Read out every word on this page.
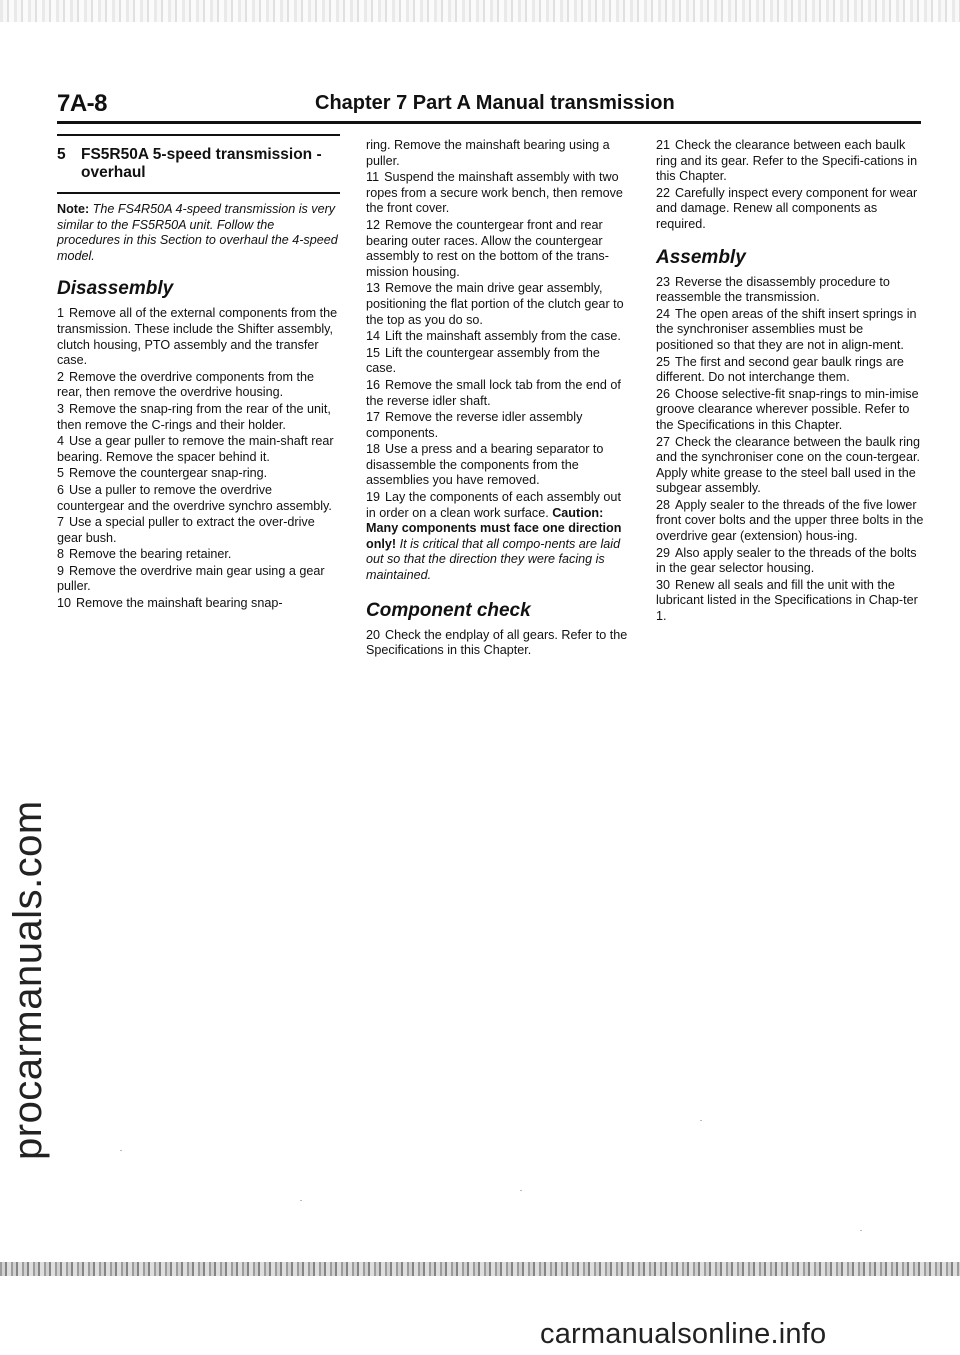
7A-8	Chapter 7 Part A Manual transmission
5 FS5R50A 5-speed transmission - overhaul

Note: The FS4R50A 4-speed transmission is very similar to the FS5R50A unit. Follow the procedures in this Section to overhaul the 4-speed model.

Disassembly

1 Remove all of the external components from the transmission. These include the Shifter assembly, clutch housing, PTO assembly and the transfer case.

2 Remove the overdrive components from the rear, then remove the overdrive housing.

3 Remove the snap-ring from the rear of the unit, then remove the C-rings and their holder.

4 Use a gear puller to remove the main-shaft rear bearing. Remove the spacer behind it.

5 Remove the countergear snap-ring.

6 Use a puller to remove the overdrive countergear and the overdrive synchro assembly.

7 Use a special puller to extract the over-drive gear bush.

8 Remove the bearing retainer.

9 Remove the overdrive main gear using a gear puller.

10 Remove the mainshaft bearing snap-

ring. Remove the mainshaft bearing using a puller.

11 Suspend the mainshaft assembly with two ropes from a secure work bench, then remove the front cover.

12 Remove the countergear front and rear bearing outer races. Allow the countergear assembly to rest on the bottom of the trans-mission housing.

13 Remove the main drive gear assembly, positioning the flat portion of the clutch gear to the top as you do so.

14 Lift the mainshaft assembly from the case.

15 Lift the countergear assembly from the case.

16 Remove the small lock tab from the end of the reverse idler shaft.

17 Remove the reverse idler assembly components.

18 Use a press and a bearing separator to disassemble the components from the assemblies you have removed.

19 Lay the components of each assembly out in order on a clean work surface. Caution: Many components must face one direction only! It is critical that all compo-nents are laid out so that the direction they were facing is maintained.

Component check

20 Check the endplay of all gears. Refer to the Specifications in this Chapter.

21 Check the clearance between each baulk ring and its gear. Refer to the Specifi-cations in this Chapter.

22 Carefully inspect every component for wear and damage. Renew all components as required.

Assembly

23 Reverse the disassembly procedure to reassemble the transmission.

24 The open areas of the shift insert springs in the synchroniser assemblies must be positioned so that they are not in align-ment.

25 The first and second gear baulk rings are different. Do not interchange them.

26 Choose selective-fit snap-rings to min-imise groove clearance wherever possible. Refer to the Specifications in this Chapter.

27 Check the clearance between the baulk ring and the synchroniser cone on the coun-tergear. Apply white grease to the steel ball used in the subgear assembly.

28 Apply sealer to the threads of the five lower front cover bolts and the upper three bolts in the overdrive gear (extension) hous-ing.

29 Also apply sealer to the threads of the bolts in the gear selector housing.

30 Renew all seals and fill the unit with the lubricant listed in the Specifications in Chap-ter 1.

procarmanuals.com
carmanualsonline.info
